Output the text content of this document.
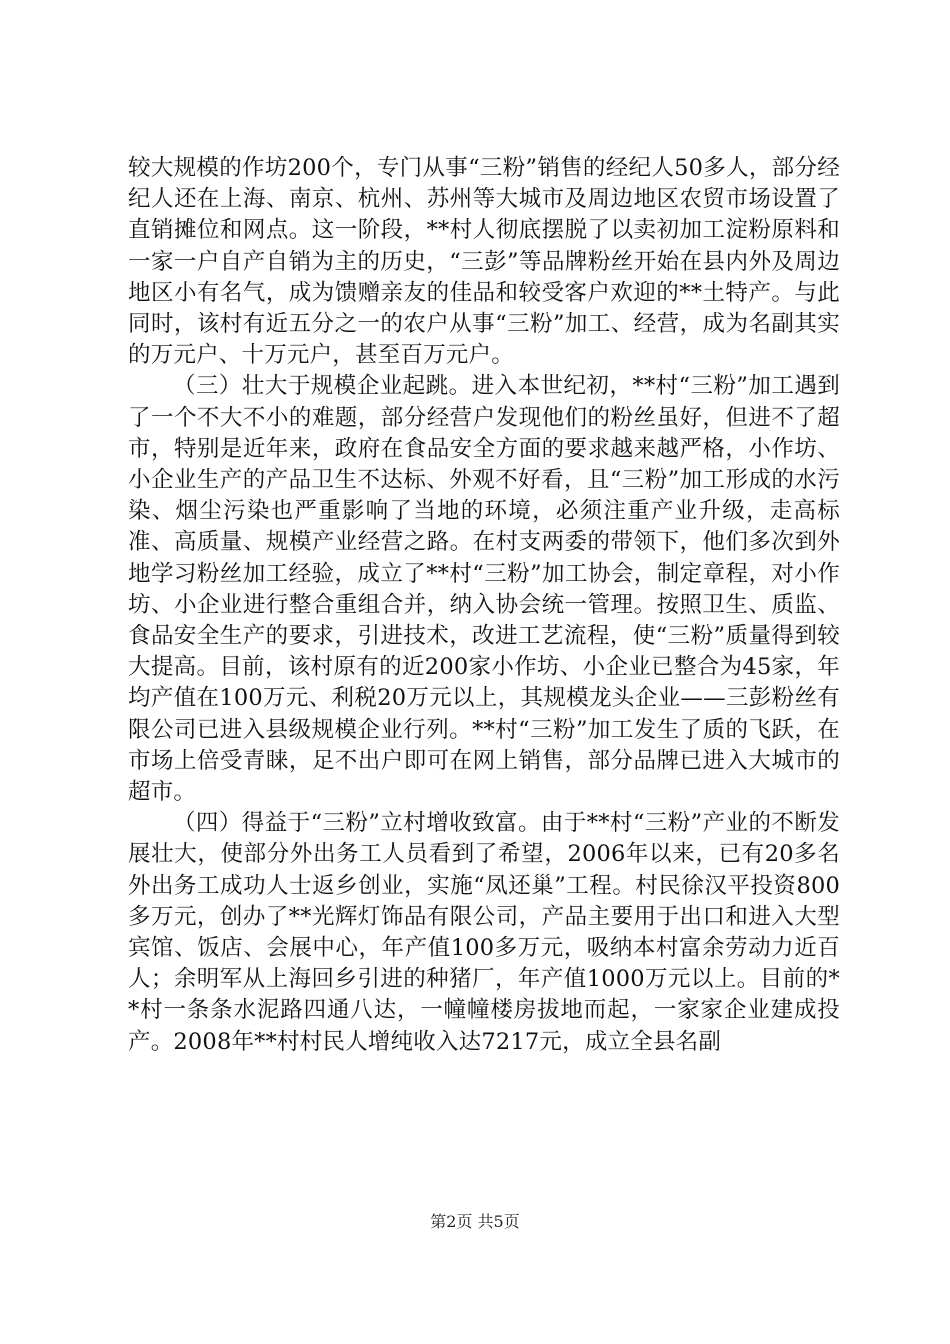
较大规模的作坊200个，专门从事“三粉”销售的经纪人50多人，部分经纪人还在上海、南京、杭州、苏州等大城市及周边地区农贸市场设置了直销摊位和网点。这一阶段，**村人彻底摆脱了以卖初加工淀粉原料和一家一户自产自销为主的历史，“三彭”等品牌粉丝开始在县内外及周边地区小有名气，成为馈赠亲友的佳品和较受客户欢迎的**土特产。与此同时，该村有近五分之一的农户从事“三粉”加工、经营，成为名副其实的万元户、十万元户，甚至百万元户。

（三）壮大于规模企业起跳。进入本世纪初，**村“三粉”加工遇到了一个不大不小的难题，部分经营户发现他们的粉丝虽好，但进不了超市，特别是近年来，政府在食品安全方面的要求越来越严格，小作坊、小企业生产的产品卫生不达标、外观不好看，且“三粉”加工形成的水污染、烟尘污染也严重影响了当地的环境，必须注重产业升级，走高标准、高质量、规模产业经营之路。在村支两委的带领下，他们多次到外地学习粉丝加工经验，成立了**村“三粉”加工协会，制定章程，对小作坊、小企业进行整合重组合并，纳入协会统一管理。按照卫生、质监、食品安全生产的要求，引进技术，改进工艺流程，使“三粉”质量得到较大提高。目前，该村原有的近200家小作坊、小企业已整合为45家，年均产值在100万元、利税20万元以上，其规模龙头企业——三彭粉丝有限公司已进入县级规模企业行列。**村“三粉”加工发生了质的飞跃，在市场上倍受青睐，足不出户即可在网上销售，部分品牌已进入大城市的超市。

（四）得益于“三粉”立村增收致富。由于**村“三粉”产业的不断发展壮大，使部分外出务工人员看到了希望，2006年以来，已有20多名外出务工成功人士返乡创业，实施“凤还巢”工程。村民徐汉平投资800多万元，创办了**光辉灯饰品有限公司，产品主要用于出口和进入大型宾馆、饭店、会展中心，年产值100多万元，吸纳本村富余劳动力近百人；余明军从上海回乡引进的种猪厂，年产值1000万元以上。目前的**村一条条水泥路四通八达，一幢幢楼房拔地而起，一家家企业建成投产。2008年**村村民人增纯收入达7217元，成立全县名副

第2页 共5页
